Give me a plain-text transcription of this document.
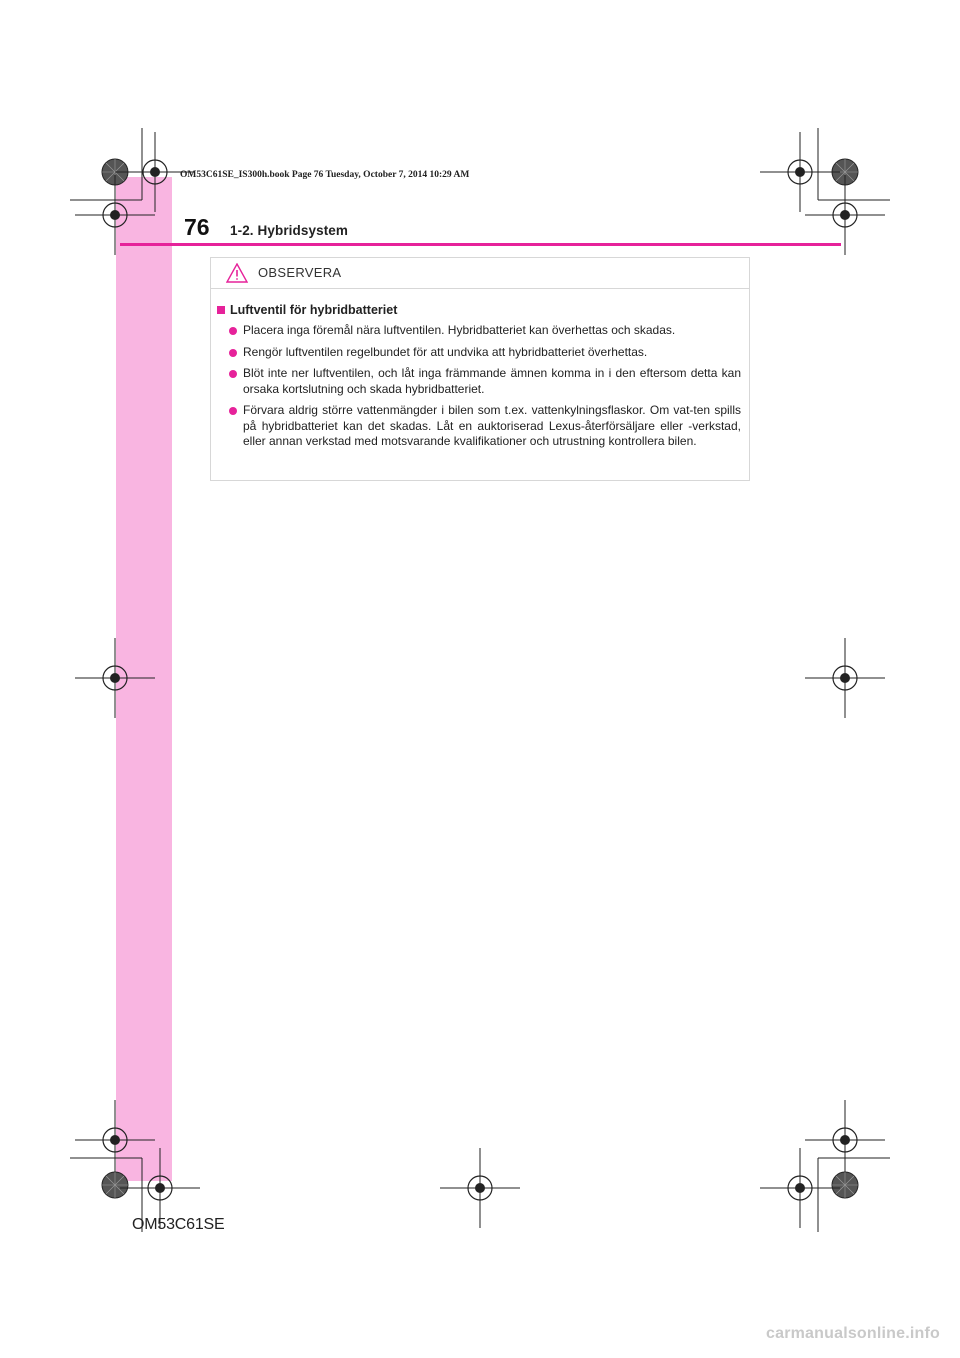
OM53C61SE_IS300h.book Page 76 Tuesday, October 7, 2014 10:29 AM
76 1-2. Hybridsystem
OBSERVERA
Luftventil för hybridbatteriet
Placera inga föremål nära luftventilen. Hybridbatteriet kan överhettas och skadas.
Rengör luftventilen regelbundet för att undvika att hybridbatteriet överhettas.
Blöt inte ner luftventilen, och låt inga främmande ämnen komma in i den eftersom detta kan orsaka kortslutning och skada hybridbatteriet.
Förvara aldrig större vattenmängder i bilen som t.ex. vattenkylningsflaskor. Om vat-ten spills på hybridbatteriet kan det skadas. Låt en auktoriserad Lexus-återförsäljare eller -verkstad, eller annan verkstad med motsvarande kvalifikationer och utrustning kontrollera bilen.
OM53C61SE
carmanualsonline.info
